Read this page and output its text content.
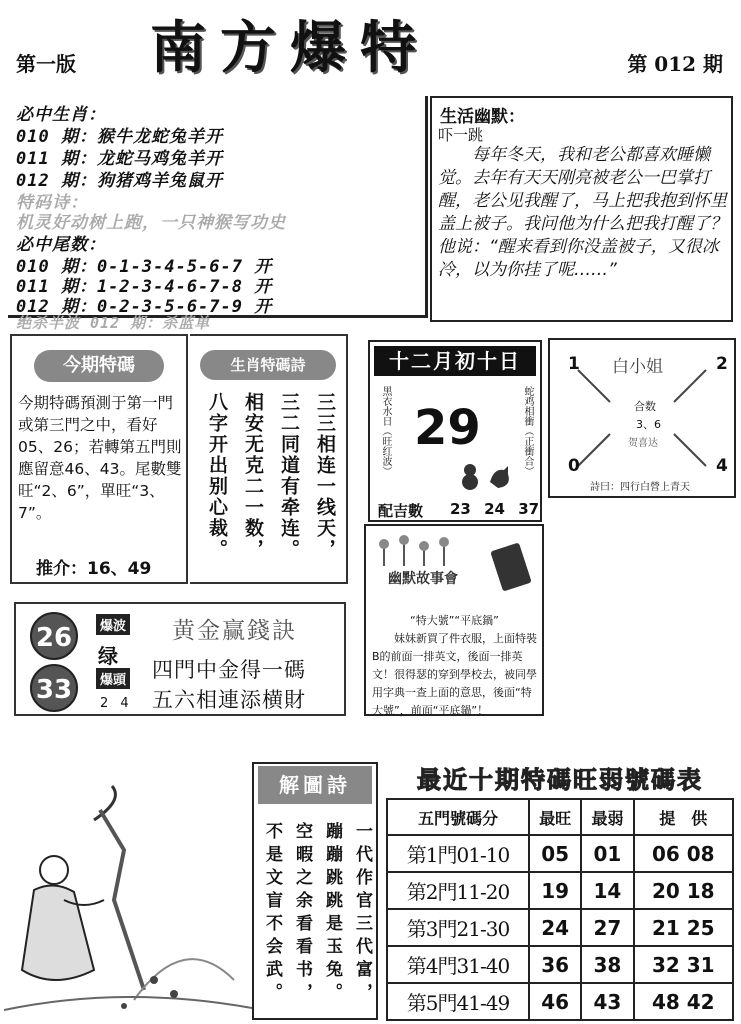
第一版 南方爆特	第 012 期
必中生肖：
010 期：猴牛龙蛇兔羊开
011 期：龙蛇马鸡兔羊开
012 期：狗猪鸡羊兔鼠开
特码诗：
机灵好动树上跑，一只神猴写功史
必中尾数：
010 期：0-1-3-4-5-6-7 开
011 期：1-2-3-4-6-7-8 开
012 期：0-2-3-5-6-7-9 开
绝杀半波 012 期：杀蓝单
生活幽默：
吓一跳
每年冬天，我和老公都喜欢睡懒觉。去年有天天刚亮被老公一巴掌打醒，老公见我醒了，马上把我抱到怀里盖上被子。我问他为什么把我打醒了？他说：“醒来看到你没盖被子，又很冰冷，以为你挂了呢……”
今期特碼
今期特碼預測于第一門或第三門之中，看好05、26；若轉第五門則應留意46、43。尾數雙旺“2、6”，單旺“3、7”。
推介：16、49
生肖特碼詩
三三相连一线天，
三二同道有牵连。
相安无克二一数，
八字开出别心裁。
十二月初十日
黑衣水日（旺红波） 29	蛇鸡相衝（正衝合）
配吉數 23 24 37
1	2
0	4
白小姐
合数
3、6
贺喜达
詩曰：四行白營上青天
幽默故事會
“特大號”“平底鍋”
妹妹新買了件衣服，上面特裝B的前面一排英文，後面一排英文！很得瑟的穿到學校去，被同學用字典一查上面的意思，後面“特大號”，前面“平底鍋”！
26	爆波
绿
33	爆頭
2 4
黄金赢錢訣
四門中金得一碼
五六相連添横財
解圖詩
一代作官三代富，
蹦蹦跳跳是玉兔。
空暇之余看看书，
不是文盲不会武。
最近十期特碼旺弱號碼表
五門號碼分	最旺	最弱	提　供
第1門01-10	05	01	06 08
第2門11-20	19	14	20 18
第3門21-30	24	27	21 25
第4門31-40	36	38	32 31
第5門41-49	46	43	48 42
